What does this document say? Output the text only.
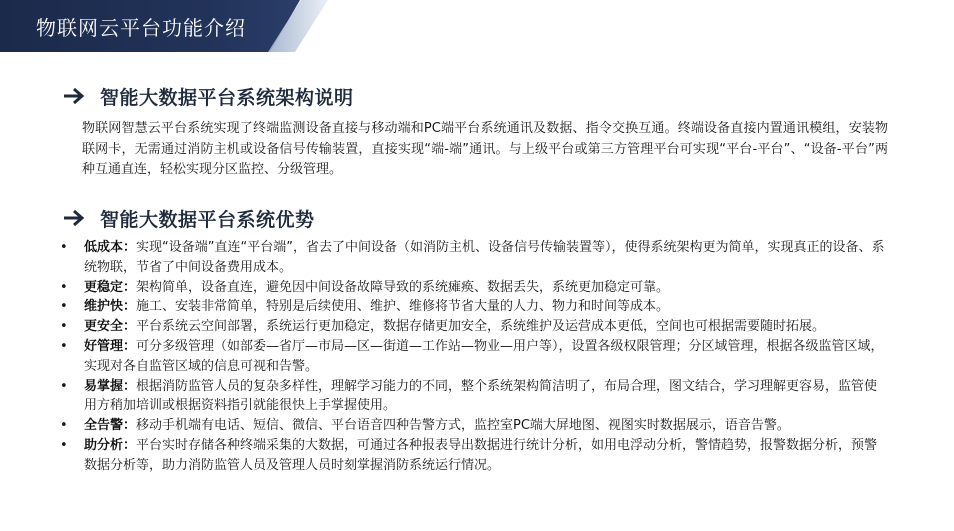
物联网云平台功能介绍
智能大数据平台系统架构说明
物联网智慧云平台系统实现了终端监测设备直接与移动端和PC端平台系统通讯及数据、指令交换互通。终端设备直接内置通讯模组，安装物联网卡，无需通过消防主机或设备信号传输装置，直接实现“端-端”通讯。与上级平台或第三方管理平台可实现“平台-平台”、“设备-平台”两种互通直连，轻松实现分区监控、分级管理。
智能大数据平台系统优势
• 低成本：实现“设备端”直连“平台端”，省去了中间设备（如消防主机、设备信号传输装置等），使得系统架构更为简单，实现真正的设备、系统物联，节省了中间设备费用成本。
• 更稳定：架构简单，设备直连，避免因中间设备故障导致的系统瘫痪、数据丢失，系统更加稳定可靠。
• 维护快：施工、安装非常简单，特别是后续使用、维护、维修将节省大量的人力、物力和时间等成本。
• 更安全：平台系统云空间部署，系统运行更加稳定，数据存储更加安全，系统维护及运营成本更低，空间也可根据需要随时拓展。
• 好管理：可分多级管理（如部委—省厅—市局—区—街道—工作站—物业—用户等），设置各级权限管理；分区域管理，根据各级监管区域，实现对各自监管区域的信息可视和告警。
• 易掌握：根据消防监管人员的复杂多样性，理解学习能力的不同，整个系统架构简洁明了，布局合理，图文结合，学习理解更容易，监管使用方稍加培训或根据资料指引就能很快上手掌握使用。
• 全告警：移动手机端有电话、短信、微信、平台语音四种告警方式，监控室PC端大屏地图、视图实时数据展示，语音告警。
• 助分析：平台实时存储各种终端采集的大数据，可通过各种报表导出数据进行统计分析，如用电浮动分析，警情趋势，报警数据分析，预警数据分析等，助力消防监管人员及管理人员时刻掌握消防系统运行情况。
